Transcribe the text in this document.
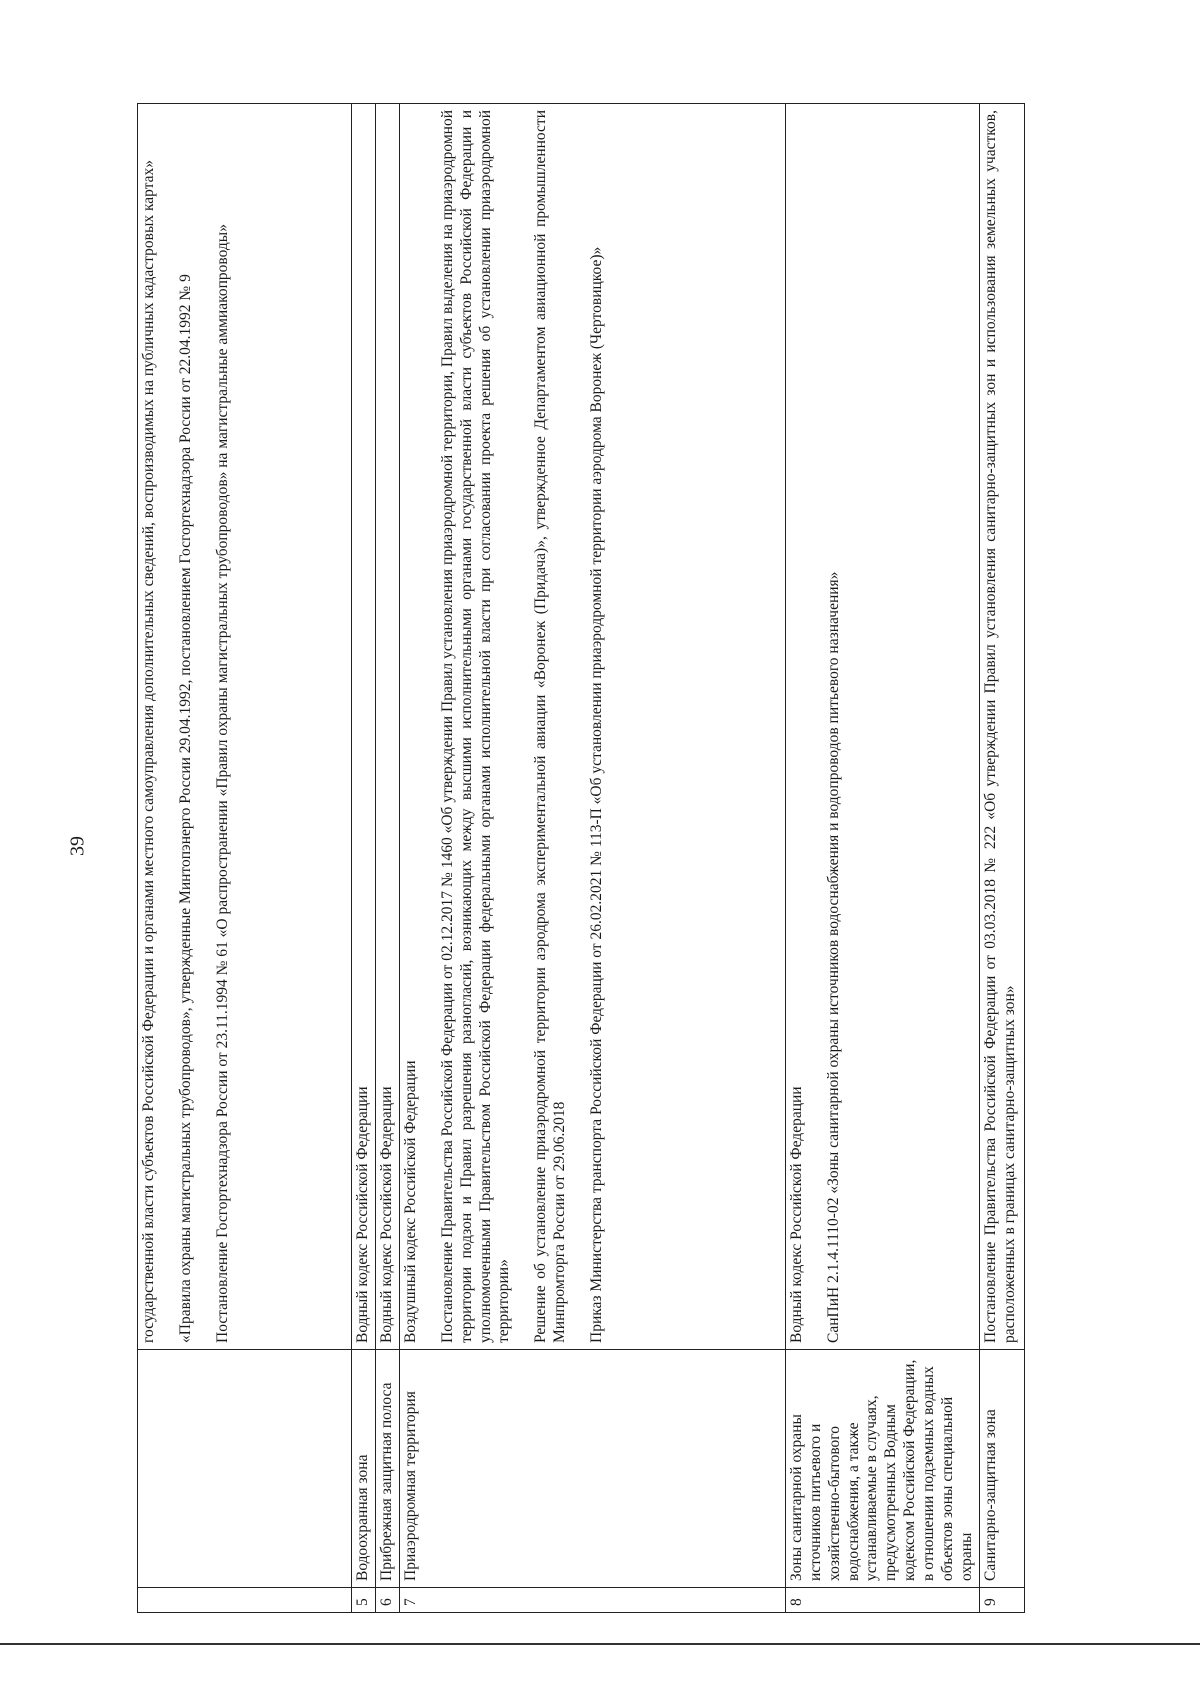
39

		государственной власти субъектов Российской Федерации и органами местного самоуправления дополнительных сведений, воспроизводимых на публичных кадастровых картах» «Правила охраны магистральных трубопроводов», утвержденные Минтопэнерго России 29.04.1992, постановлением Госгортехнадзора России от 22.04.1992 № 9 Постановление Госгортехнадзора России от 23.11.1994 № 61 «О распространении «Правил охраны магистральных трубопроводов» на магистральные аммиакопроводы»

5	Водоохранная зона	Водный кодекс Российской Федерации

6	Прибрежная защитная полоса	Водный кодекс Российской Федерации

7	Приаэродромная территория	Воздушный кодекс Российской Федерации Постановление Правительства Российской Федерации от 02.12.2017 № 1460 «Об утверждении Правил установления приаэродромной территории, Правил выделения на приаэродромной территории подзон и Правил разрешения разногласий, возникающих между высшими исполнительными органами государственной власти субъектов Российской Федерации и уполномоченными Правительством Российской Федерации федеральными органами исполнительной власти при согласовании проекта решения об установлении приаэродромной территории» Решение об установление приаэродромной территории аэродрома экспериментальной авиации «Воронеж (Придача)», утвержденное Департаментом авиационной промышленности Минпромторга России от 29.06.2018 Приказ Министерства транспорта Российской Федерации от 26.02.2021 № 113-П «Об установлении приаэродромной территории аэродрома Воронеж (Чертовицкое)»

8	Зоны санитарной охраны источников питьевого и хозяйственно-бытового водоснабжения, а также устанавливаемые в случаях, предусмотренных Водным кодексом Российской Федерации, в отношении подземных водных объектов зоны специальной охраны	Водный кодекс Российской Федерации СанПиН 2.1.4.1110-02 «Зоны санитарной охраны источников водоснабжения и водопроводов питьевого назначения»

9	Санитарно-защитная зона	Постановление Правительства Российской Федерации от 03.03.2018 № 222 «Об утверждении Правил установления санитарно-защитных зон и использования земельных участков, расположенных в границах санитарно-защитных зон»
